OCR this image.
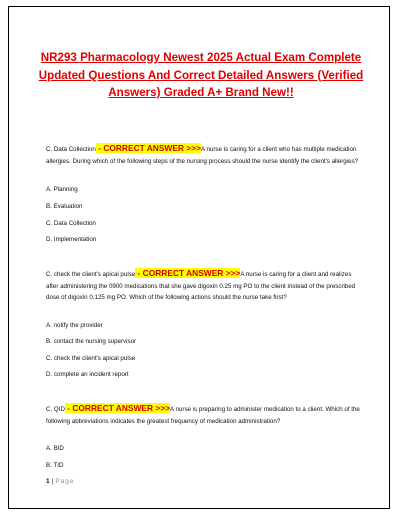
NR293 Pharmacology Newest 2025 Actual Exam Complete Updated Questions And Correct Detailed Answers (Verified Answers) Graded A+ Brand New!!
C. Data Collection - CORRECT ANSWER >>>A nurse is caring for a client who has multiple medication allergies. During which of the following steps of the nursing process should the nurse identify the client's allergies?
A. Planning
B. Evaluation
C. Data Collection
D. Implementation
C. check the client's apical pulse - CORRECT ANSWER >>>A nurse is caring for a client and realizes after administering the 0900 medications that she gave digoxin 0.25 mg PO to the client instead of the prescribed dose of digoxin 0.125 mg PO. Which of the following actions should the nurse take first?
A. notify the provider
B. contact the nursing supervisor
C. check the client's apical pulse
D. complete an incident report
C. QID - CORRECT ANSWER >>>A nurse is preparing to administer medication to a client. Which of the following abbreviations indicates the greatest frequency of medication administration?
A. BID
B. TID
1 | Page
